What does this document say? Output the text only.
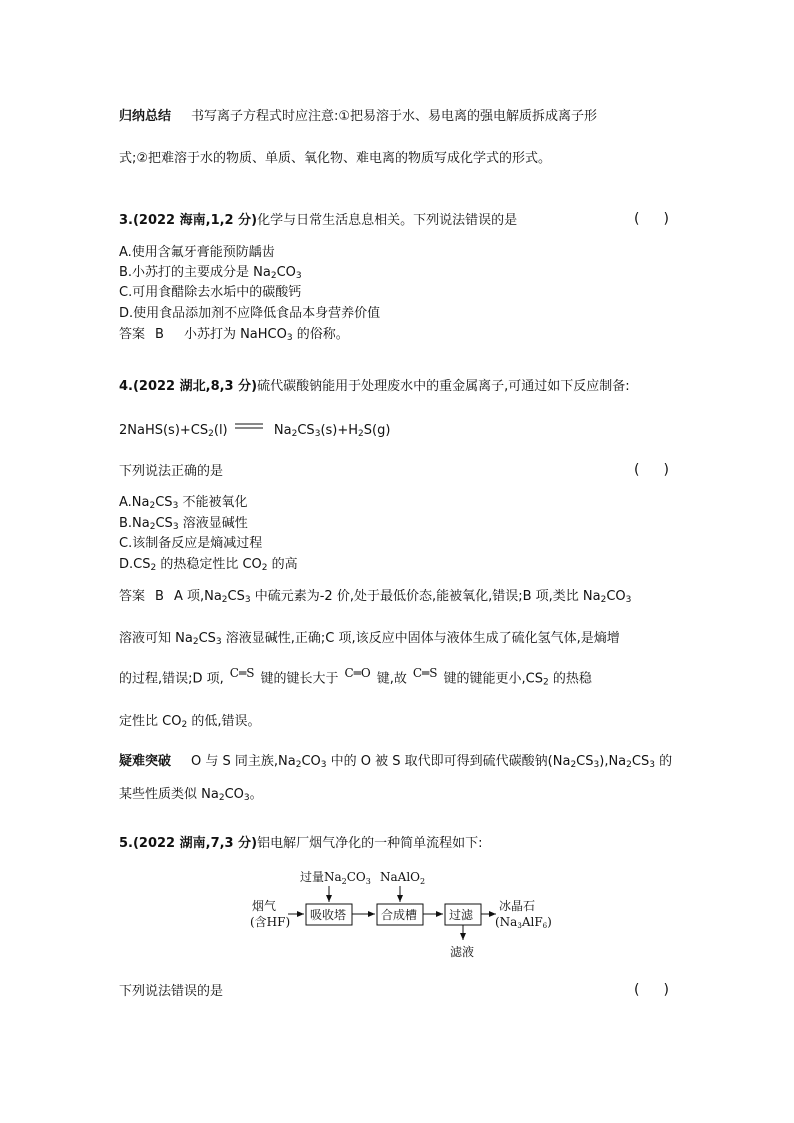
归纳总结 书写离子方程式时应注意:①把易溶于水、易电离的强电解质拆成离子形
式;②把难溶于水的物质、单质、氧化物、难电离的物质写成化学式的形式。
3.(2022 海南,1,2 分)化学与日常生活息息相关。下列说法错误的是	( )
A.使用含氟牙膏能预防龋齿
B.小苏打的主要成分是 $Na_2CO_3$
C.可用食醋除去水垢中的碳酸钙
D.使用食品添加剂不应降低食品本身营养价值
答案 B 小苏打为 NaHCO$_3$ 的俗称。
4.(2022 湖北,8,3 分)硫代碳酸钠能用于处理废水中的重金属离子,可通过如下反应制备:
$2NaHS(s)+CS_2(l)$	$Na_2CS_3(s)+H_2S(g)$
下列说法正确的是	( )
$A.Na_2CS_3$ 不能被氧化
$B.Na_2CS_3$ 溶液显碱性
C.该制备反应是熵减过程
$D.CS_2$ 的热稳定性比 $CO_2$ 的高
答案 B A 项$,Na_2CS_3$ 中硫元素为-2 价,处于最低价态,能被氧化,错误;B 项,类比 $Na_2CO_3$
溶液可知 $Na_2CS_3$ 溶液显碱性,正确;C 项,该反应中固体与液体生成了硫化氢气体,是熵增
的过程,错误;D 项, C═S 键的键长大于 C═O 键,故 C═S 键的键能更小$,CS_2$ 的热稳
定性比 $CO_2$ 的低,错误。
疑难突破 O 与 S 同主族$,Na_2CO_3$ 中的 O 被 S 取代即可得到硫代碳酸钠$(Na_2CS_3),Na_2CS_3$ 的
某些性质类似 $Na_2CO_3$。
5.(2022 湖南,7,3 分)铝电解厂烟气净化的一种简单流程如下:
烟气
(含HF) 吸收塔
过量$Na_2CO_3$
合成槽
NaAlO$_2$
过滤
滤液
冰晶石
(Na3AlF6)
下列说法错误的是	( )
